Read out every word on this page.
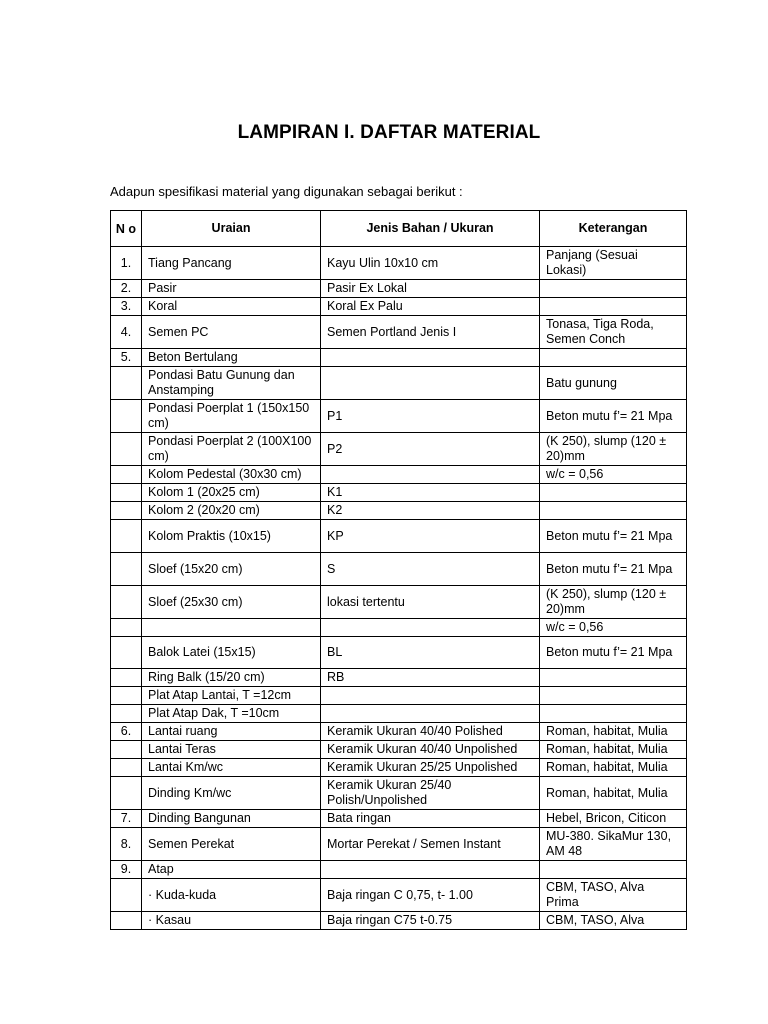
LAMPIRAN I. DAFTAR MATERIAL
Adapun spesifikasi material yang digunakan sebagai berikut :
N o	Uraian	Jenis Bahan / Ukuran	Keterangan
1.	Tiang Pancang	Kayu Ulin 10x10 cm	Panjang (Sesuai Lokasi)
2.	Pasir	Pasir Ex Lokal	
3.	Koral	Koral Ex Palu	
4.	Semen PC	Semen Portland Jenis I	Tonasa, Tiga Roda, Semen Conch
5.	Beton Bertulang		
	Pondasi Batu Gunung dan Anstamping		Batu gunung
	Pondasi Poerplat 1 (150x150 cm)	P1	Beton mutu f’= 21 Mpa
	Pondasi Poerplat 2 (100X100 cm)	P2	(K 250), slump (120 ± 20)mm
	Kolom Pedestal (30x30 cm)		w/c = 0,56
	Kolom 1 (20x25 cm)	K1	
	Kolom 2 (20x20 cm)	K2	
	Kolom Praktis (10x15)	KP	Beton mutu f’= 21 Mpa
	Sloef (15x20 cm)	S	Beton mutu f’= 21 Mpa
	Sloef (25x30 cm)	lokasi tertentu	(K 250), slump (120 ± 20)mm
			w/c = 0,56
	Balok Latei (15x15)	BL	Beton mutu f’= 21 Mpa
	Ring Balk (15/20 cm)	RB	
	Plat Atap Lantai, T =12cm		
	Plat Atap Dak, T =10cm		
6.	Lantai ruang	Keramik Ukuran 40/40 Polished	Roman, habitat, Mulia
	Lantai Teras	Keramik Ukuran 40/40 Unpolished	Roman, habitat, Mulia
	Lantai Km/wc	Keramik Ukuran 25/25 Unpolished	Roman, habitat, Mulia
	Dinding Km/wc	Keramik Ukuran 25/40 Polish/Unpolished	Roman, habitat, Mulia
7.	Dinding Bangunan	Bata ringan	Hebel, Bricon, Citicon
8.	Semen Perekat	Mortar Perekat / Semen Instant	MU-380. SikaMur 130, AM 48
9.	Atap		
	· Kuda-kuda	Baja ringan C 0,75, t- 1.00	CBM, TASO, Alva Prima
	· Kasau	Baja ringan C75 t-0.75	CBM, TASO, Alva
